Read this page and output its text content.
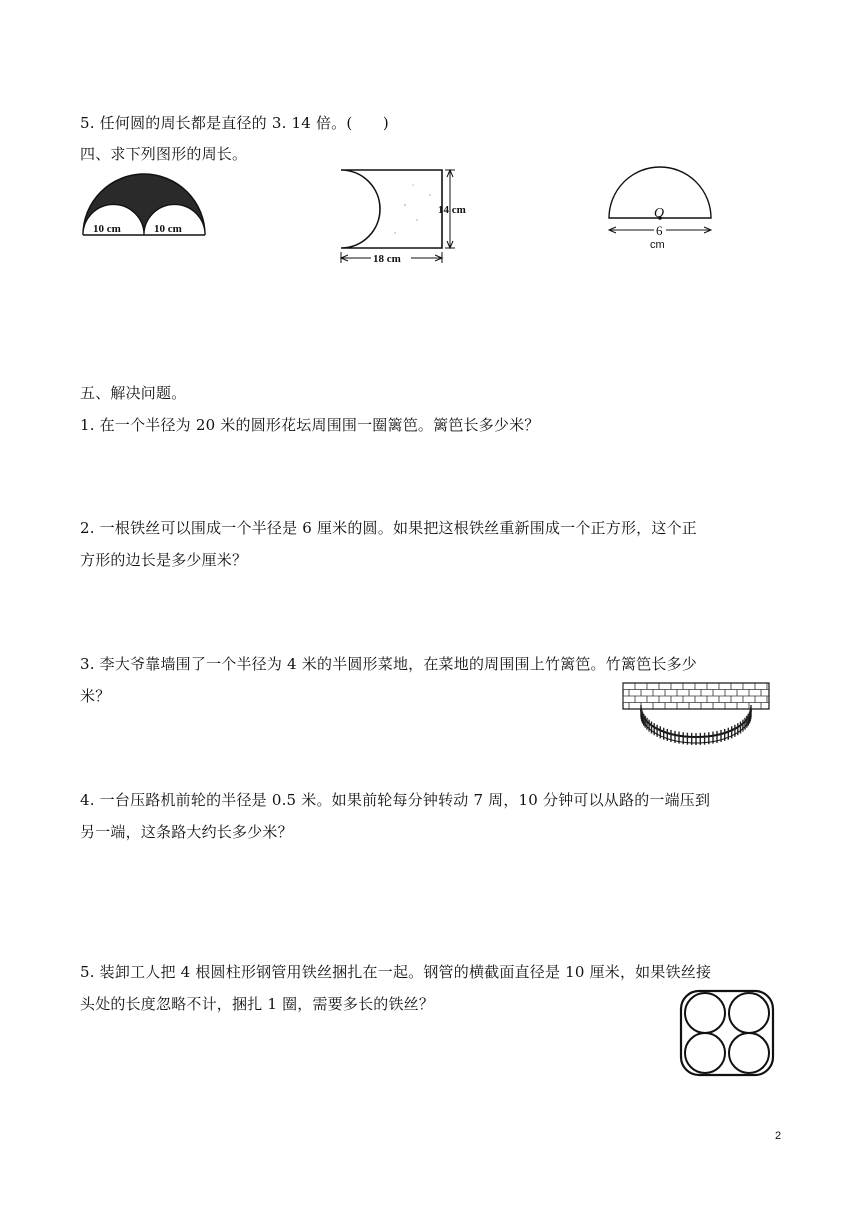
5. 任何圆的周长都是直径的 3. 14 倍。(　　)
四、求下列图形的周长。
10 cm	10 cm
14 cm
18 cm
O
6
cm
五、解决问题。
1. 在一个半径为 20 米的圆形花坛周围围一圈篱笆。篱笆长多少米？
2. 一根铁丝可以围成一个半径是 6 厘米的圆。如果把这根铁丝重新围成一个正方形，这个正
方形的边长是多少厘米？
3. 李大爷靠墙围了一个半径为 4 米的半圆形菜地，在菜地的周围围上竹篱笆。竹篱笆长多少
米？
4. 一台压路机前轮的半径是 0.5 米。如果前轮每分钟转动 7 周，10 分钟可以从路的一端压到
另一端，这条路大约长多少米？
5. 装卸工人把 4 根圆柱形钢管用铁丝捆扎在一起。钢管的横截面直径是 10 厘米，如果铁丝接
头处的长度忽略不计，捆扎 1 圈，需要多长的铁丝？
2
